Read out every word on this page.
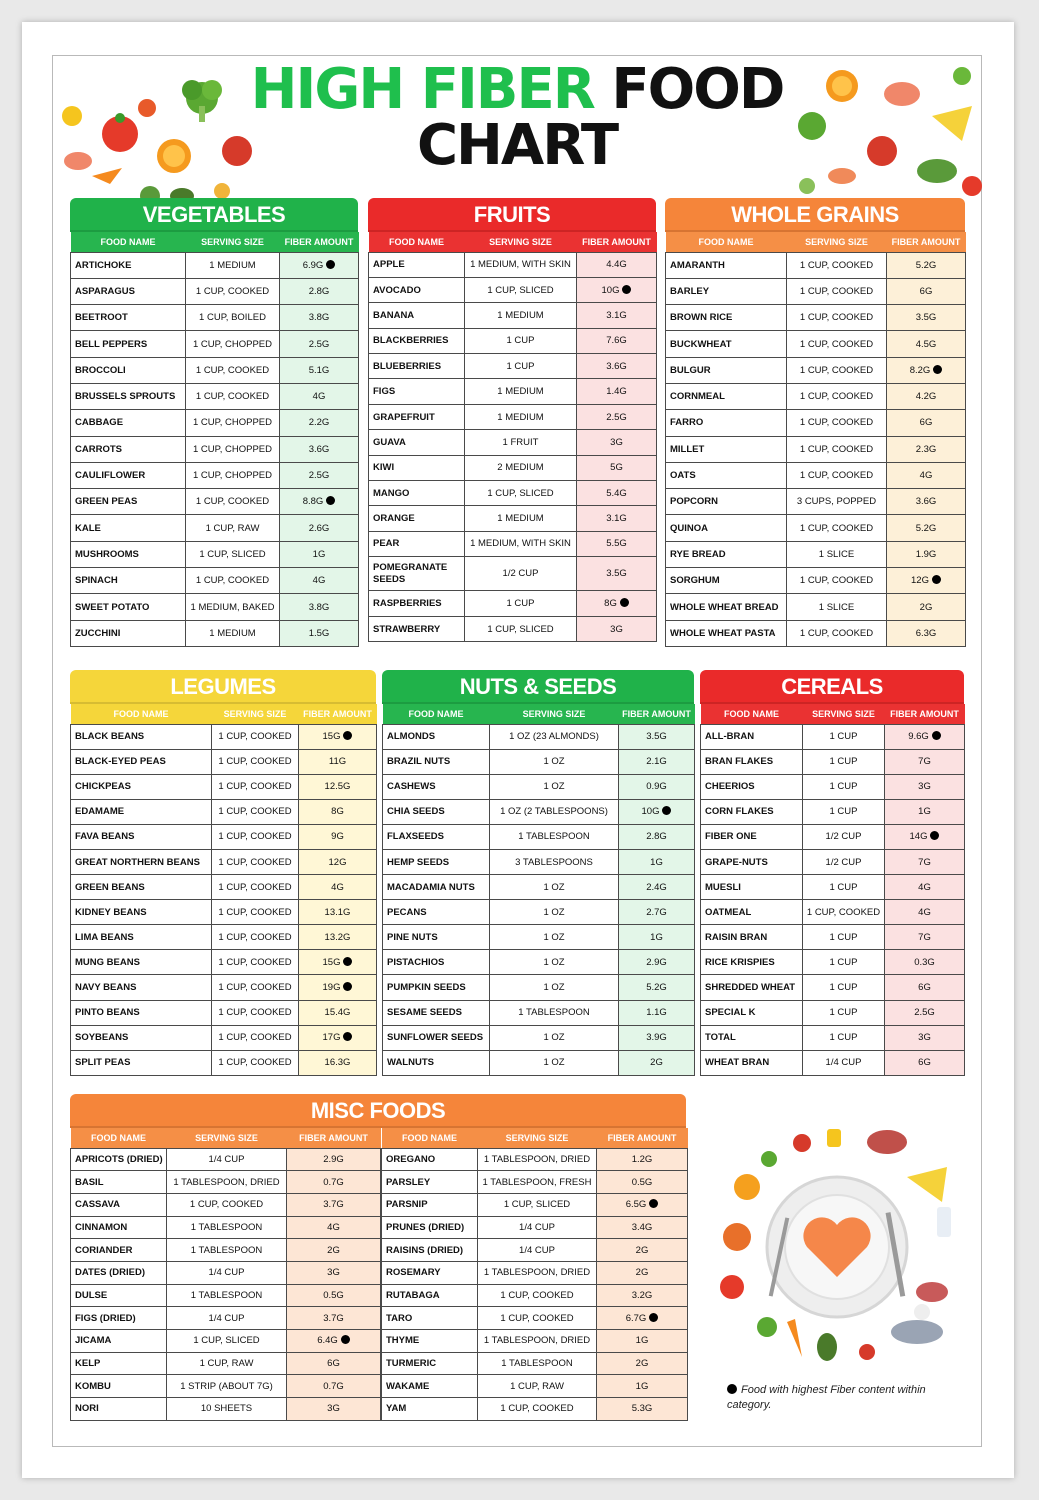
HIGH FIBER FOOD
CHART
VEGETABLES
FOOD NAME	SERVING SIZE	FIBER AMOUNT
ARTICHOKE	1 MEDIUM	6.9G
ASPARAGUS	1 CUP, COOKED	2.8G
BEETROOT	1 CUP, BOILED	3.8G
BELL PEPPERS	1 CUP, CHOPPED	2.5G
BROCCOLI	1 CUP, COOKED	5.1G
BRUSSELS SPROUTS	1 CUP, COOKED	4G
CABBAGE	1 CUP, CHOPPED	2.2G
CARROTS	1 CUP, CHOPPED	3.6G
CAULIFLOWER	1 CUP, CHOPPED	2.5G
GREEN PEAS	1 CUP, COOKED	8.8G
KALE	1 CUP, RAW	2.6G
MUSHROOMS	1 CUP, SLICED	1G
SPINACH	1 CUP, COOKED	4G
SWEET POTATO	1 MEDIUM, BAKED	3.8G
ZUCCHINI	1 MEDIUM	1.5G
FRUITS
FOOD NAME	SERVING SIZE	FIBER AMOUNT
APPLE	1 MEDIUM, WITH SKIN	4.4G
AVOCADO	1 CUP, SLICED	10G
BANANA	1 MEDIUM	3.1G
BLACKBERRIES	1 CUP	7.6G
BLUEBERRIES	1 CUP	3.6G
FIGS	1 MEDIUM	1.4G
GRAPEFRUIT	1 MEDIUM	2.5G
GUAVA	1 FRUIT	3G
KIWI	2 MEDIUM	5G
MANGO	1 CUP, SLICED	5.4G
ORANGE	1 MEDIUM	3.1G
PEAR	1 MEDIUM, WITH SKIN	5.5G
POMEGRANATE SEEDS	1/2 CUP	3.5G
RASPBERRIES	1 CUP	8G
STRAWBERRY	1 CUP, SLICED	3G
WHOLE GRAINS
FOOD NAME	SERVING SIZE	FIBER AMOUNT
AMARANTH	1 CUP, COOKED	5.2G
BARLEY	1 CUP, COOKED	6G
BROWN RICE	1 CUP, COOKED	3.5G
BUCKWHEAT	1 CUP, COOKED	4.5G
BULGUR	1 CUP, COOKED	8.2G
CORNMEAL	1 CUP, COOKED	4.2G
FARRO	1 CUP, COOKED	6G
MILLET	1 CUP, COOKED	2.3G
OATS	1 CUP, COOKED	4G
POPCORN	3 CUPS, POPPED	3.6G
QUINOA	1 CUP, COOKED	5.2G
RYE BREAD	1 SLICE	1.9G
SORGHUM	1 CUP, COOKED	12G
WHOLE WHEAT BREAD	1 SLICE	2G
WHOLE WHEAT PASTA	1 CUP, COOKED	6.3G
LEGUMES
FOOD NAME	SERVING SIZE	FIBER AMOUNT
BLACK BEANS	1 CUP, COOKED	15G
BLACK-EYED PEAS	1 CUP, COOKED	11G
CHICKPEAS	1 CUP, COOKED	12.5G
EDAMAME	1 CUP, COOKED	8G
FAVA BEANS	1 CUP, COOKED	9G
GREAT NORTHERN BEANS	1 CUP, COOKED	12G
GREEN BEANS	1 CUP, COOKED	4G
KIDNEY BEANS	1 CUP, COOKED	13.1G
LIMA BEANS	1 CUP, COOKED	13.2G
MUNG BEANS	1 CUP, COOKED	15G
NAVY BEANS	1 CUP, COOKED	19G
PINTO BEANS	1 CUP, COOKED	15.4G
SOYBEANS	1 CUP, COOKED	17G
SPLIT PEAS	1 CUP, COOKED	16.3G
NUTS & SEEDS
FOOD NAME	SERVING SIZE	FIBER AMOUNT
ALMONDS	1 OZ (23 ALMONDS)	3.5G
BRAZIL NUTS	1 OZ	2.1G
CASHEWS	1 OZ	0.9G
CHIA SEEDS	1 OZ (2 TABLESPOONS)	10G
FLAXSEEDS	1 TABLESPOON	2.8G
HEMP SEEDS	3 TABLESPOONS	1G
MACADAMIA NUTS	1 OZ	2.4G
PECANS	1 OZ	2.7G
PINE NUTS	1 OZ	1G
PISTACHIOS	1 OZ	2.9G
PUMPKIN SEEDS	1 OZ	5.2G
SESAME SEEDS	1 TABLESPOON	1.1G
SUNFLOWER SEEDS	1 OZ	3.9G
WALNUTS	1 OZ	2G
CEREALS
FOOD NAME	SERVING SIZE	FIBER AMOUNT
ALL-BRAN	1 CUP	9.6G
BRAN FLAKES	1 CUP	7G
CHEERIOS	1 CUP	3G
CORN FLAKES	1 CUP	1G
FIBER ONE	1/2 CUP	14G
GRAPE-NUTS	1/2 CUP	7G
MUESLI	1 CUP	4G
OATMEAL	1 CUP, COOKED	4G
RAISIN BRAN	1 CUP	7G
RICE KRISPIES	1 CUP	0.3G
SHREDDED WHEAT	1 CUP	6G
SPECIAL K	1 CUP	2.5G
TOTAL	1 CUP	3G
WHEAT BRAN	1/4 CUP	6G
MISC FOODS
FOOD NAME	SERVING SIZE	FIBER AMOUNT
APRICOTS (DRIED)	1/4 CUP	2.9G
BASIL	1 TABLESPOON, DRIED	0.7G
CASSAVA	1 CUP, COOKED	3.7G
CINNAMON	1 TABLESPOON	4G
CORIANDER	1 TABLESPOON	2G
DATES (DRIED)	1/4 CUP	3G
DULSE	1 TABLESPOON	0.5G
FIGS (DRIED)	1/4 CUP	3.7G
JICAMA	1 CUP, SLICED	6.4G
KELP	1 CUP, RAW	6G
KOMBU	1 STRIP (ABOUT 7G)	0.7G
NORI	10 SHEETS	3G
FOOD NAME	SERVING SIZE	FIBER AMOUNT
OREGANO	1 TABLESPOON, DRIED	1.2G
PARSLEY	1 TABLESPOON, FRESH	0.5G
PARSNIP	1 CUP, SLICED	6.5G
PRUNES (DRIED)	1/4 CUP	3.4G
RAISINS (DRIED)	1/4 CUP	2G
ROSEMARY	1 TABLESPOON, DRIED	2G
RUTABAGA	1 CUP, COOKED	3.2G
TARO	1 CUP, COOKED	6.7G
THYME	1 TABLESPOON, DRIED	1G
TURMERIC	1 TABLESPOON	2G
WAKAME	1 CUP, RAW	1G
YAM	1 CUP, COOKED	5.3G
Food with highest Fiber content within category.
